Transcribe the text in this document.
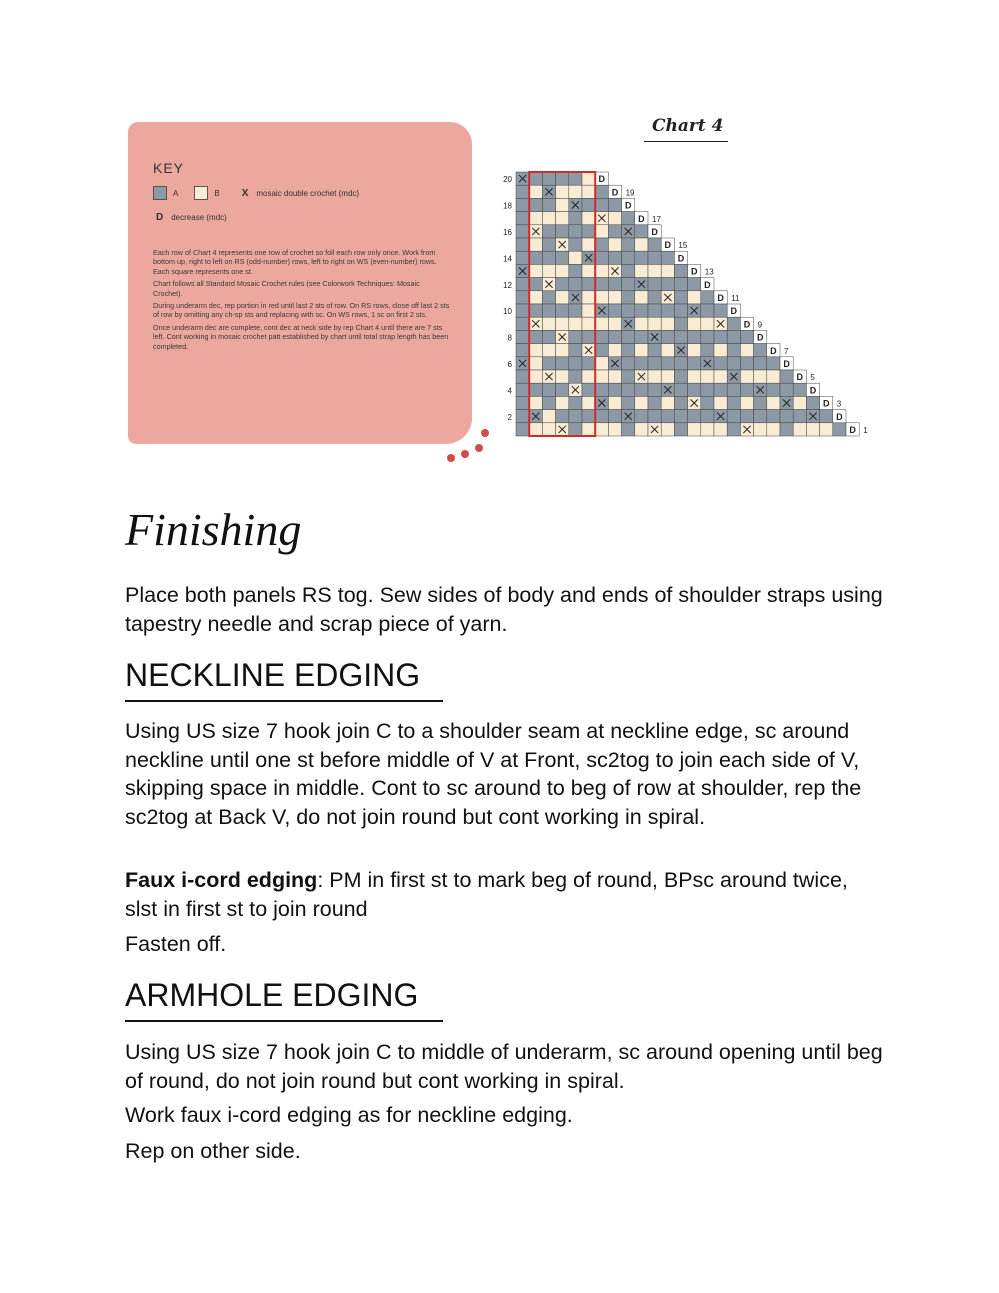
KEY
A	B X mosaic double crochet (mdc)
D decrease (mdc)

Each row of Chart 4 represents one row of crochet so foll each row only once. Work from bottom up, right to left on RS (odd-number) rows, left to right on WS (even-number) rows. Each square represents one st.

Chart follows all Standard Mosaic Crochet rules (see Colorwork Techniques: Mosaic Crochet).

During underarm dec, rep portion in red until last 2 sts of row. On RS rows, close off last 2 sts of row by omitting any ch-sp sts and replacing with sc. On WS rows, 1 sc on first 2 sts.

Once underarm dec are complete, cont dec at neck side by rep Chart 4 until there are 7 sts left. Cont working in mosaic crochet patt established by chart until total strap length has been completed.

Chart 4
D
20
D 19
D
18
D 17
D
16
D 15
D
14
D 13
D
12
D 11
D
10
D 9
D
8
D 7
D
6
D 5
D
4
D 3
D
2
D 1
Finishing

Place both panels RS tog. Sew sides of body and ends of shoulder straps using tapestry needle and scrap piece of yarn.

NECKLINE EDGING

Using US size 7 hook join C to a shoulder seam at neckline edge, sc around neckline until one st before middle of V at Front, sc2tog to join each side of V, skipping space in middle. Cont to sc around to beg of row at shoulder, rep the sc2tog at Back V, do not join round but cont working in spiral.

Faux i-cord edging: PM in first st to mark beg of round, BPsc around twice, slst in first st to join round

Fasten off.

ARMHOLE EDGING

Using US size 7 hook join C to middle of underarm, sc around opening until beg of round, do not join round but cont working in spiral.

Work faux i-cord edging as for neckline edging.

Rep on other side.
